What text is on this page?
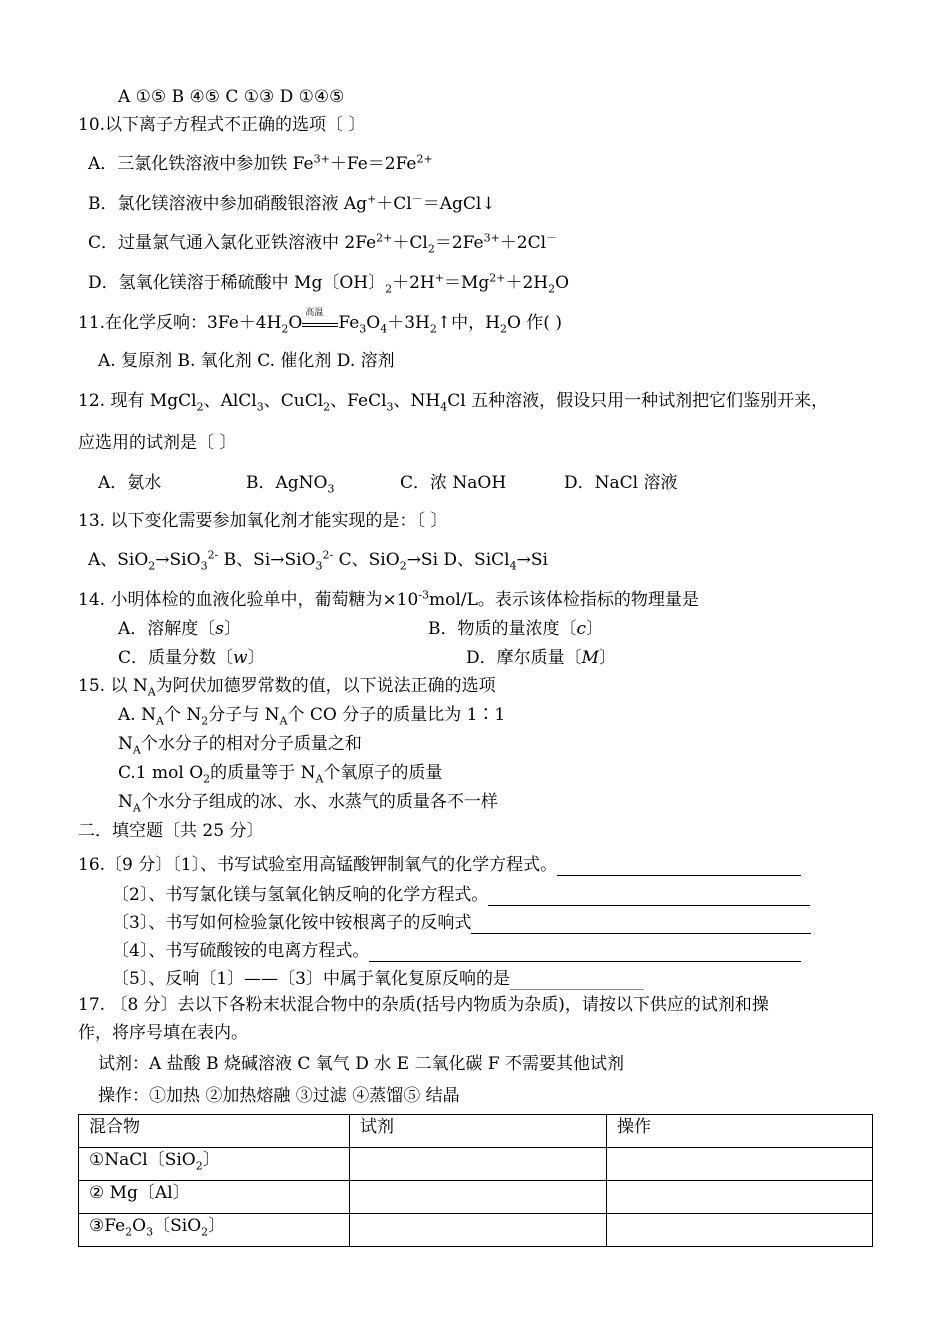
A ①⑤ B ④⑤ C ①③ D ①④⑤
10.以下离子方程式不正确的选项〔 〕
A．三氯化铁溶液中参加铁 $Fe^{3+}+Fe=2Fe^{2+}$
B．氯化镁溶液中参加硝酸银溶液 Ag+＋Cl－＝AgCl↓
C．过量氯气通入氯化亚铁溶液中 $2Fe^{2+}+Cl_2=2Fe^{3+}+2Cl^-$
D．氢氧化镁溶于稀硫酸中 Mg〔OH〕$_2+2H^+=Mg^{2+}+2H_2O$
11.在化学反响：$3Fe+4H_2O$
高温
$Fe_3O_4+3H_2↑$中，$H_2O$ 作( )
A. 复原剂 B. 氧化剂 C. 催化剂 D. 溶剂
12. 现有 MgCl$_2$、AlCl$_3$、CuCl$_2$、FeCl$_3$、$NH_4Cl$ 五种溶液，假设只用一种试剂把它们鉴别开来，
应选用的试剂是〔 〕
A．氨水	B．AgNO$_3$	C．浓 NaOH	D．NaCl 溶液
13. 以下变化需要参加氧化剂才能实现的是：〔 〕
A、SiO$_2$→SiO$_3^{2-}$ B、Si→SiO$_3^{2-}$ C、SiO$_2$→Si D、SiCl$_4$→Si
14. 小明体检的血液化验单中，葡萄糖为$\times 10^{-3}mol/L$。表示该体检指标的物理量是
A．溶解度〔s〕	B．物质的量浓度〔c〕
C．质量分数〔w〕	D．摩尔质量〔M〕
15. 以 $N_A$为阿伏加德罗常数的值，以下说法正确的选项
A. $N_A$个 $N_2$分子与 $N_A$个 CO 分子的质量比为 1∶1
$N_A$个水分子的相对分子质量之和
C.1 mol $O_2$的质量等于 $N_A$个氧原子的质量
$N_A$个水分子组成的冰、水、水蒸气的质量各不一样
二．填空题〔共 25 分〕
16.〔9 分〕〔1〕、书写试验室用高锰酸钾制氧气的化学方程式。
〔2〕、书写氯化镁与氢氧化钠反响的化学方程式。
〔3〕、书写如何检验氯化铵中铵根离子的反响式
〔4〕、书写硫酸铵的电离方程式。
〔5〕、反响〔1〕——〔3〕中属于氧化复原反响的是
17. 〔8 分〕去以下各粉末状混合物中的杂质(括号内物质为杂质)，请按以下供应的试剂和操
作，将序号填在表内。
试剂：A 盐酸 B 烧碱溶液 C 氧气 D 水 E 二氧化碳 F 不需要其他试剂
操作：①加热 ②加热熔融 ③过滤 ④蒸馏⑤ 结晶
混合物	试剂	操作
①NaCl〔SiO$_2$〕		
② Mg〔Al〕		
$③Fe_2O_3$〔SiO$_2$〕		
